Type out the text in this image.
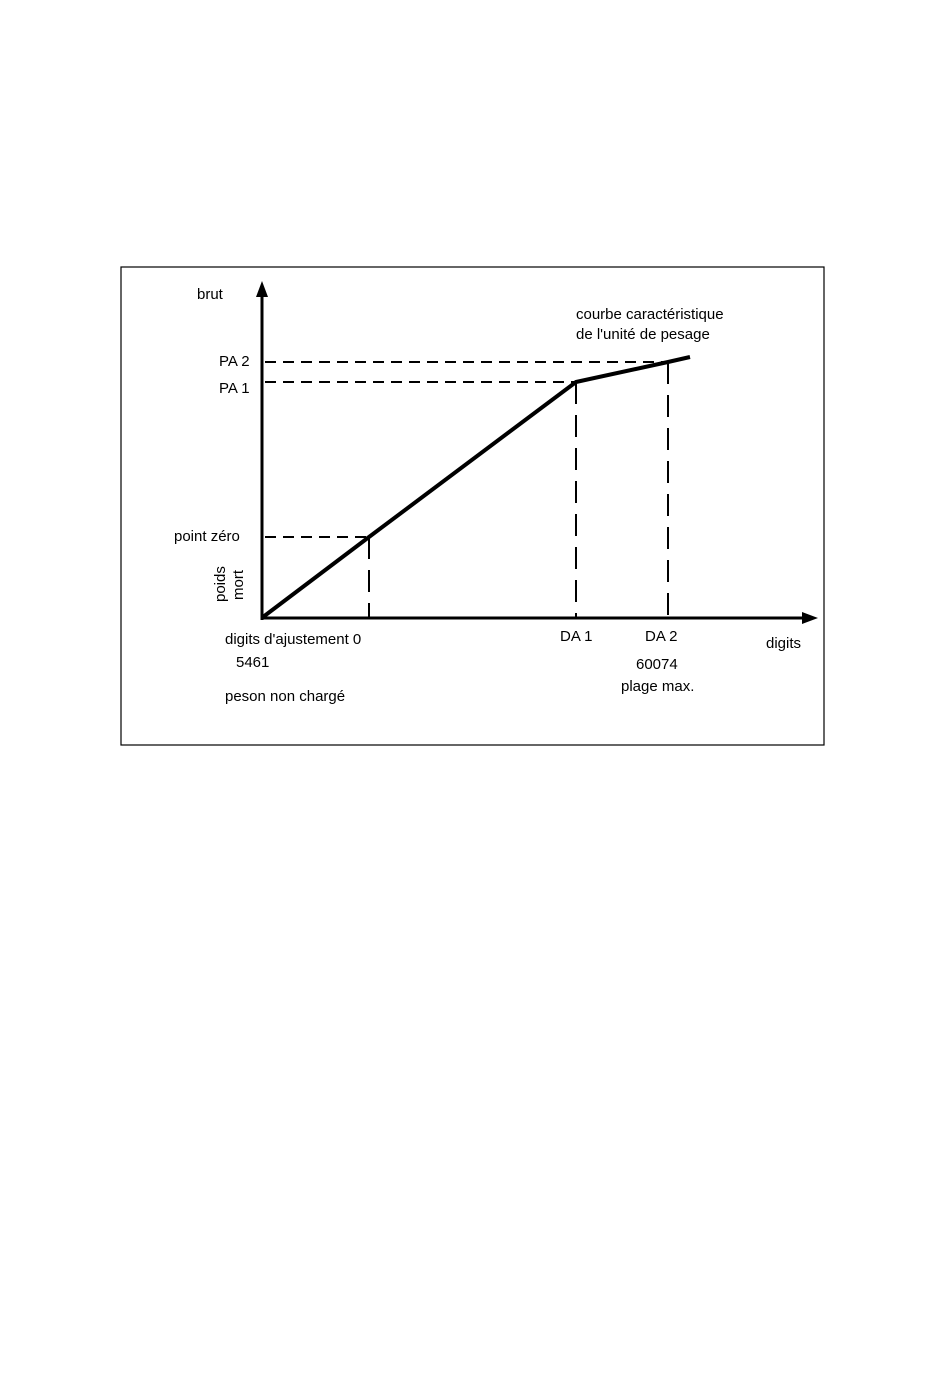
brut
digits
courbe caractéristique
de l'unité de pesage
PA 2
PA 1
point zéro
poids mort
digits d'ajustement 0	DA 1	DA 2
5461
peson non chargé
60074
plage max.
